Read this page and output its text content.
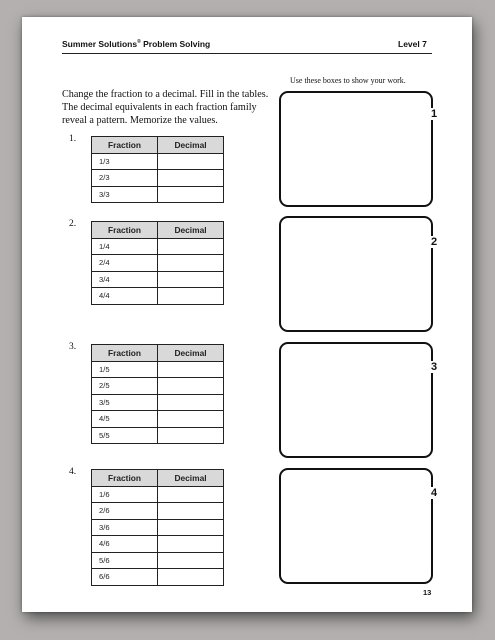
Summer Solutions® Problem Solving	Level 7
Change the fraction to a decimal. Fill in the tables. The decimal equivalents in each fraction family reveal a pattern. Memorize the values.
Use these boxes to show your work.
1.
Fraction	Decimal
1/3	
2/3	
3/3	
2.
Fraction	Decimal
1/4	
2/4	
3/4	
4/4	
3.
Fraction	Decimal
1/5	
2/5	
3/5	
4/5	
5/5	
4.
Fraction	Decimal
1/6	
2/6	
3/6	
4/6	
5/6	
6/6	
1
2
3
4
13
